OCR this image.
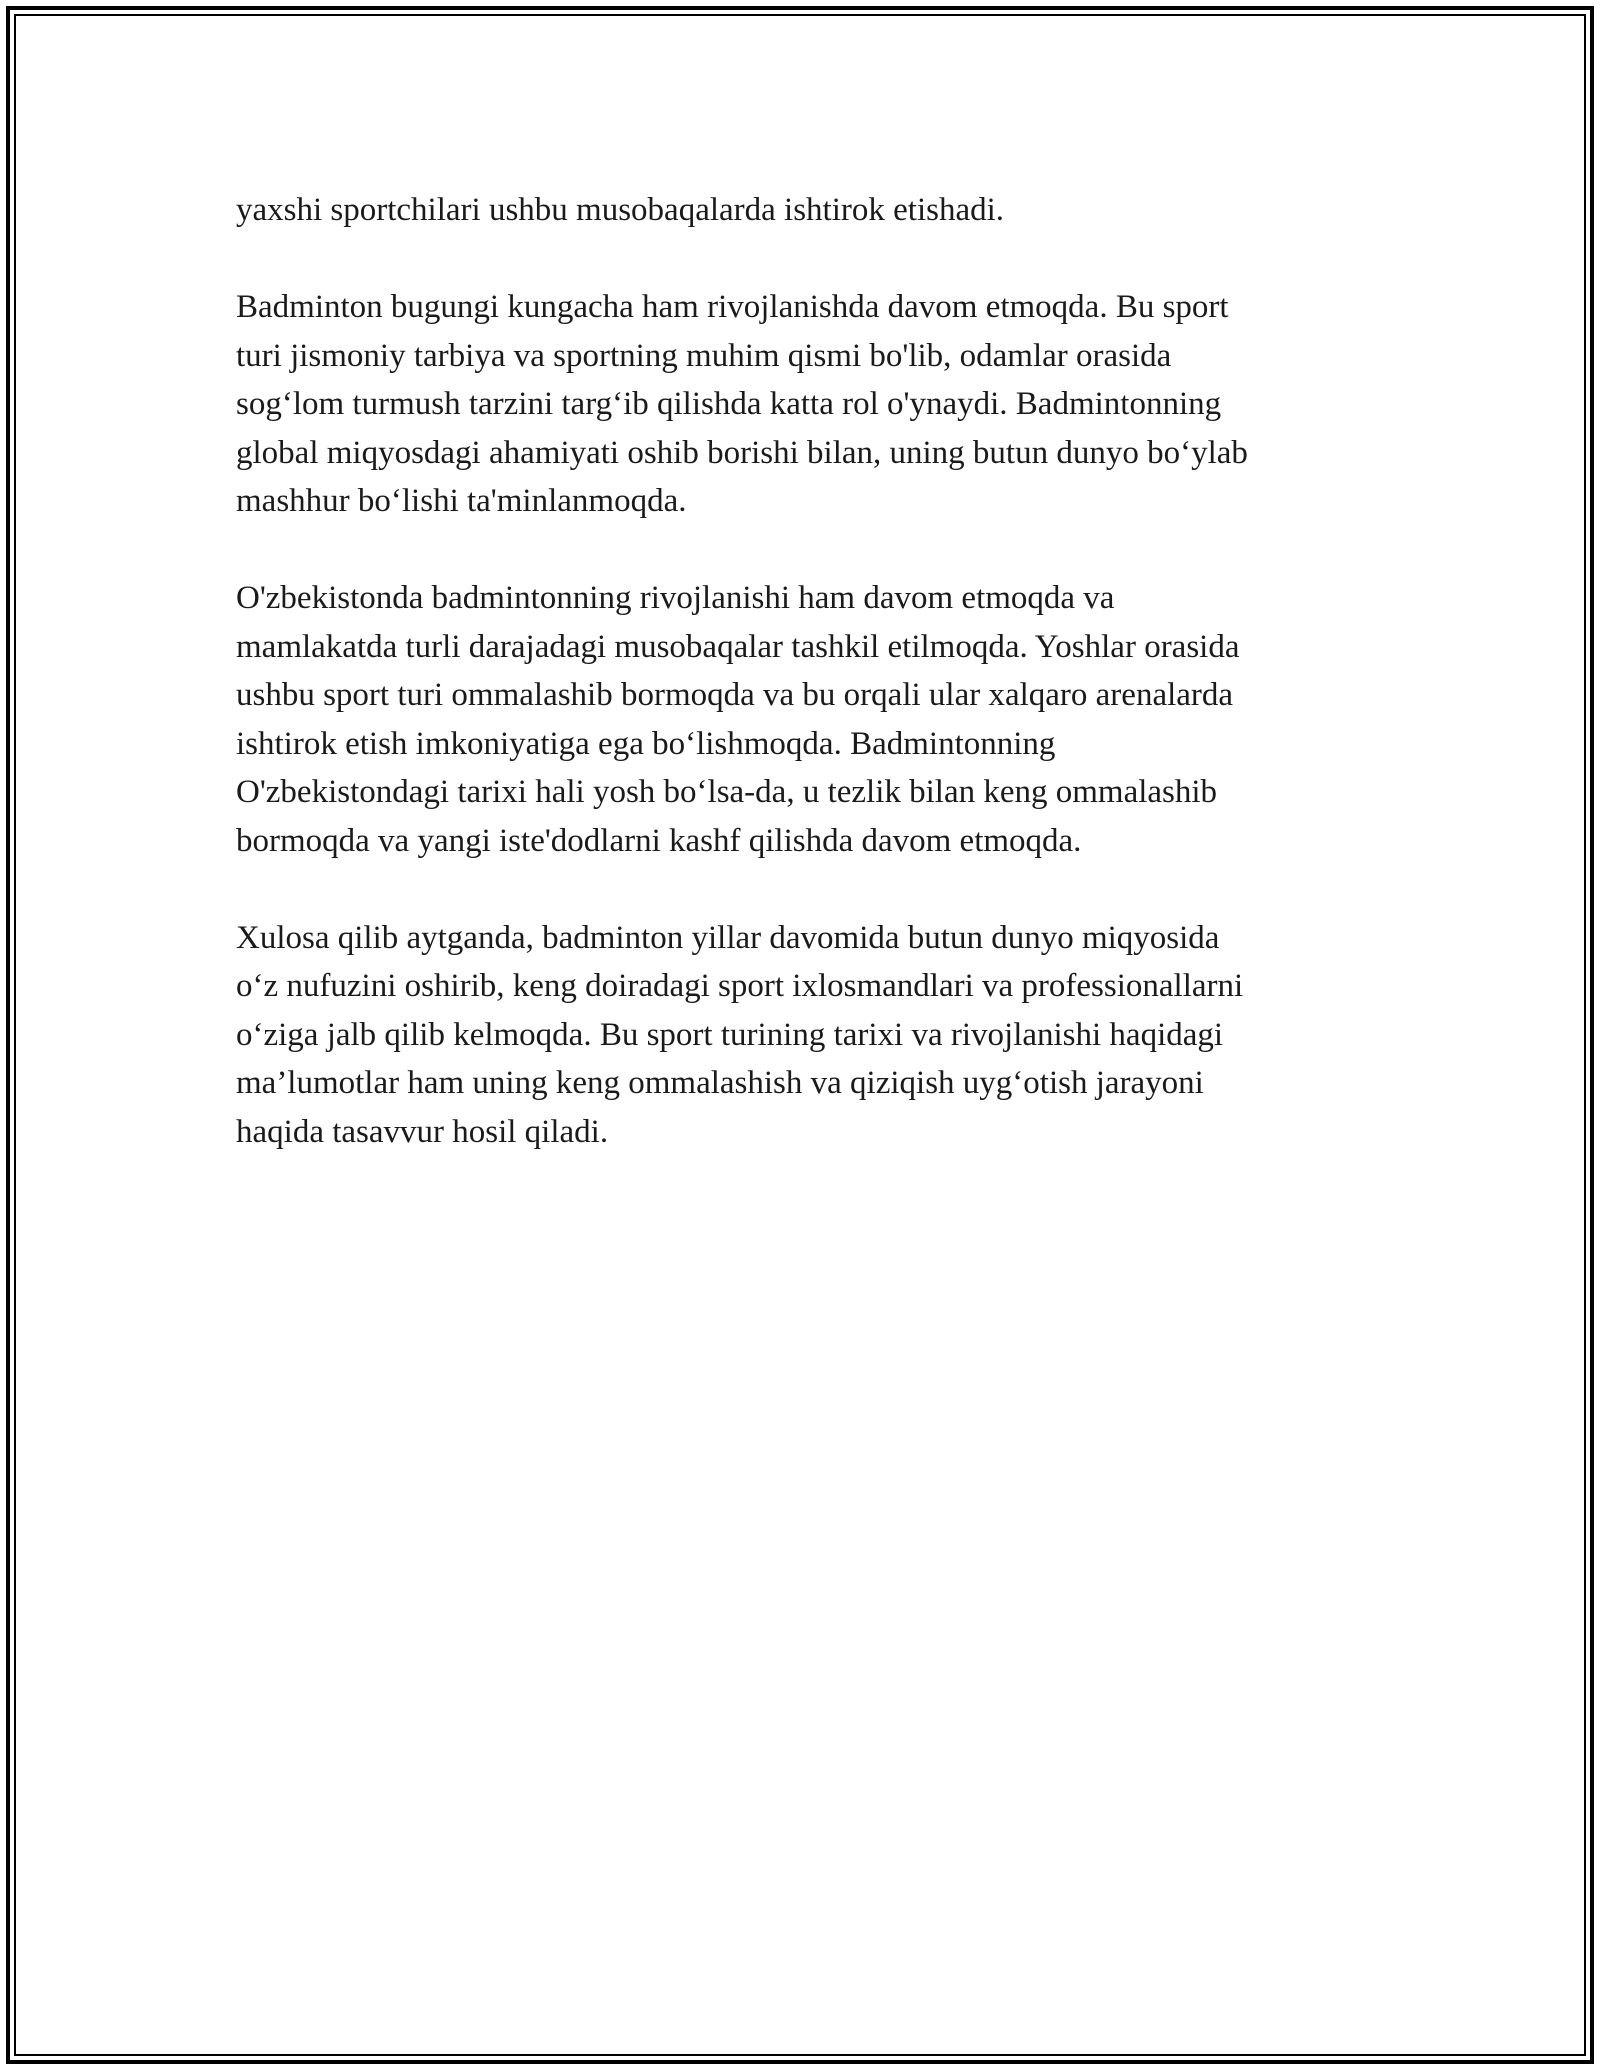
yaxshi sportchilari ushbu musobaqalarda ishtirok etishadi.

Badminton bugungi kungacha ham rivojlanishda davom etmoqda. Bu sport
turi jismoniy tarbiya va sportning muhim qismi bo'lib, odamlar orasida
sog‘lom turmush tarzini targ‘ib qilishda katta rol o'ynaydi. Badmintonning
global miqyosdagi ahamiyati oshib borishi bilan, uning butun dunyo bo‘ylab
mashhur bo‘lishi ta'minlanmoqda.

O'zbekistonda badmintonning rivojlanishi ham davom etmoqda va
mamlakatda turli darajadagi musobaqalar tashkil etilmoqda. Yoshlar orasida
ushbu sport turi ommalashib bormoqda va bu orqali ular xalqaro arenalarda
ishtirok etish imkoniyatiga ega bo‘lishmoqda. Badmintonning
O'zbekistondagi tarixi hali yosh bo‘lsa-da, u tezlik bilan keng ommalashib
bormoqda va yangi iste'dodlarni kashf qilishda davom etmoqda.

Xulosa qilib aytganda, badminton yillar davomida butun dunyo miqyosida
o‘z nufuzini oshirib, keng doiradagi sport ixlosmandlari va professionallarni
o‘ziga jalb qilib kelmoqda. Bu sport turining tarixi va rivojlanishi haqidagi
ma’lumotlar ham uning keng ommalashish va qiziqish uyg‘otish jarayoni
haqida tasavvur hosil qiladi.
